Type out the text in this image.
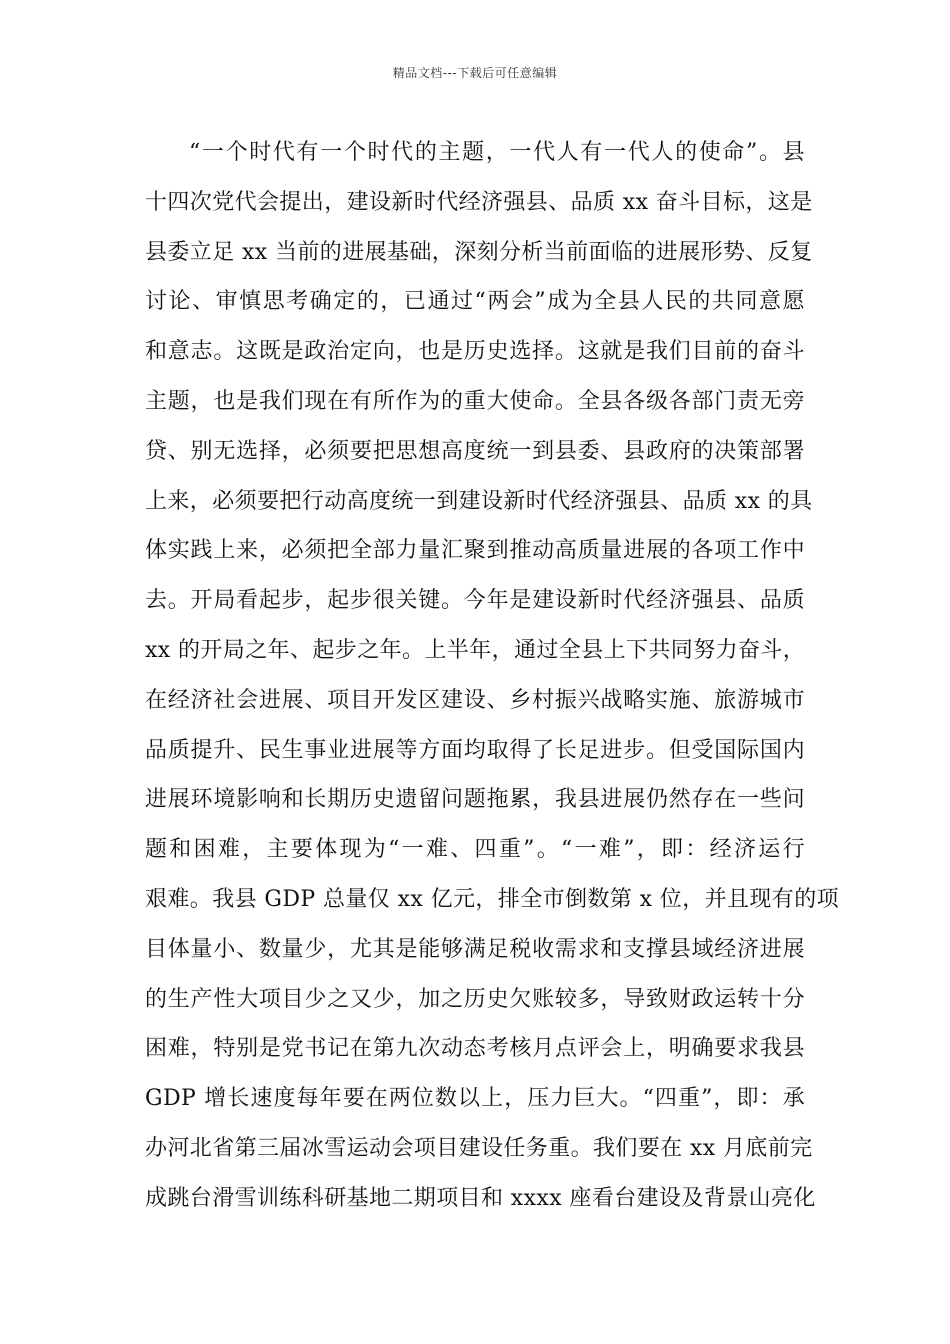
精品文档---下载后可任意编辑
“一个时代有一个时代的主题，一代人有一代人的使命”。县
十四次党代会提出，建设新时代经济强县、品质 xx 奋斗目标，这是
县委立足 xx 当前的进展基础，深刻分析当前面临的进展形势、反复
讨论、审慎思考确定的，已通过“两会”成为全县人民的共同意愿
和意志。这既是政治定向，也是历史选择。这就是我们目前的奋斗
主题，也是我们现在有所作为的重大使命。全县各级各部门责无旁
贷、别无选择，必须要把思想高度统一到县委、县政府的决策部署
上来，必须要把行动高度统一到建设新时代经济强县、品质 xx 的具
体实践上来，必须把全部力量汇聚到推动高质量进展的各项工作中
去。开局看起步，起步很关键。今年是建设新时代经济强县、品质
xx 的开局之年、起步之年。上半年，通过全县上下共同努力奋斗，
在经济社会进展、项目开发区建设、乡村振兴战略实施、旅游城市
品质提升、民生事业进展等方面均取得了长足进步。但受国际国内
进展环境影响和长期历史遗留问题拖累，我县进展仍然存在一些问
题和困难，主要体现为“一难、四重”。“一难”，即：经济运行
艰难。我县 GDP 总量仅 xx 亿元，排全市倒数第 x 位，并且现有的项
目体量小、数量少，尤其是能够满足税收需求和支撑县域经济进展
的生产性大项目少之又少，加之历史欠账较多，导致财政运转十分
困难，特别是党书记在第九次动态考核月点评会上，明确要求我县
GDP 增长速度每年要在两位数以上，压力巨大。“四重”，即：承
办河北省第三届冰雪运动会项目建设任务重。我们要在 xx 月底前完
成跳台滑雪训练科研基地二期项目和 xxxx 座看台建设及背景山亮化
